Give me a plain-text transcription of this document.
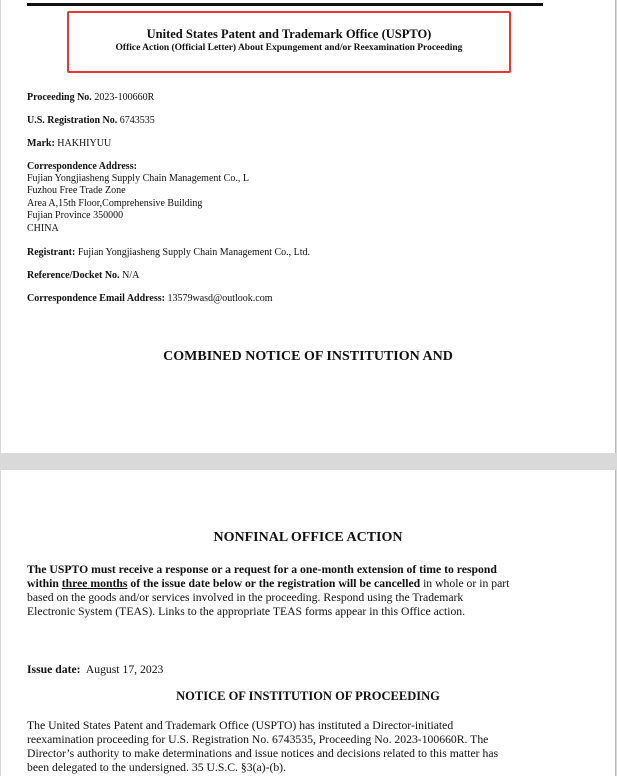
United States Patent and Trademark Office (USPTO)
Office Action (Official Letter) About Expungement and/or Reexamination Proceeding
Proceeding No. 2023-100660R
U.S. Registration No. 6743535
Mark: HAKHIYUU
Correspondence Address:
Fujian Yongjiasheng Supply Chain Management Co., L
Fuzhou Free Trade Zone
Area A,15th Floor,Comprehensive Building
Fujian Province 350000
CHINA
Registrant: Fujian Yongjiasheng Supply Chain Management Co., Ltd.
Reference/Docket No. N/A
Correspondence Email Address: 13579wasd@outlook.com
COMBINED NOTICE OF INSTITUTION AND
NONFINAL OFFICE ACTION
The USPTO must receive a response or a request for a one-month extension of time to respond
within three months of the issue date below or the registration will be cancelled in whole or in part
based on the goods and/or services involved in the proceeding. Respond using the Trademark
Electronic System (TEAS). Links to the appropriate TEAS forms appear in this Office action.
Issue date: August 17, 2023
NOTICE OF INSTITUTION OF PROCEEDING
The United States Patent and Trademark Office (USPTO) has instituted a Director-initiated
reexamination proceeding for U.S. Registration No. 6743535, Proceeding No. 2023-100660R. The
Director’s authority to make determinations and issue notices and decisions related to this matter has
been delegated to the undersigned. 35 U.S.C. §3(a)-(b).
